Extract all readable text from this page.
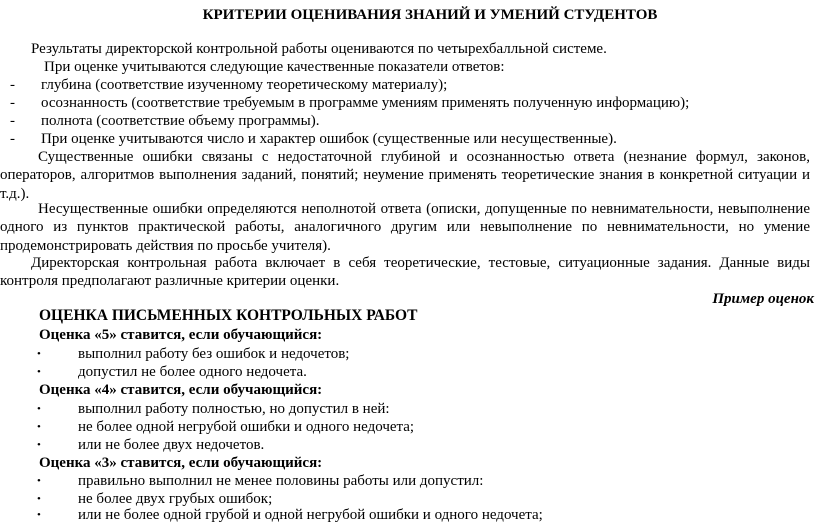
КРИТЕРИИ ОЦЕНИВАНИЯ ЗНАНИЙ И УМЕНИЙ СТУДЕНТОВ
Результаты директорской контрольной работы оцениваются по четырехбалльной системе.
При оценке учитываются следующие качественные показатели ответов:
- глубина (соответствие изученному теоретическому материалу);
- осознанность (соответствие требуемым в программе умениям применять полученную информацию);
- полнота (соответствие объему программы).
- При оценке учитываются число и характер ошибок (существенные или несущественные).
Существенные ошибки связаны с недостаточной глубиной и осознанностью ответа (незнание формул, законов, операторов, алгоритмов выполнения заданий, понятий; неумение применять теоретические знания в конкретной ситуации и т.д.).
Несущественные ошибки определяются неполнотой ответа (описки, допущенные по невнимательности, невыполнение одного из пунктов практической работы, аналогичного другим или невыполнение по невнимательности, но умение продемонстрировать действия по просьбе учителя).
Директорская контрольная работа включает в себя теоретические, тестовые, ситуационные задания. Данные виды контроля предполагают различные критерии оценки.
Пример оценок
ОЦЕНКА ПИСЬМЕННЫХ КОНТРОЛЬНЫХ РАБОТ
Оценка «5» ставится, если обучающийся:
• выполнил работу без ошибок и недочетов;
• допустил не более одного недочета.
Оценка «4» ставится, если обучающийся:
• выполнил работу полностью, но допустил в ней:
• не более одной негрубой ошибки и одного недочета;
• или не более двух недочетов.
Оценка «3» ставится, если обучающийся:
• правильно выполнил не менее половины работы или допустил:
• не более двух грубых ошибок;
• или не более одной грубой и одной негрубой ошибки и одного недочета;
